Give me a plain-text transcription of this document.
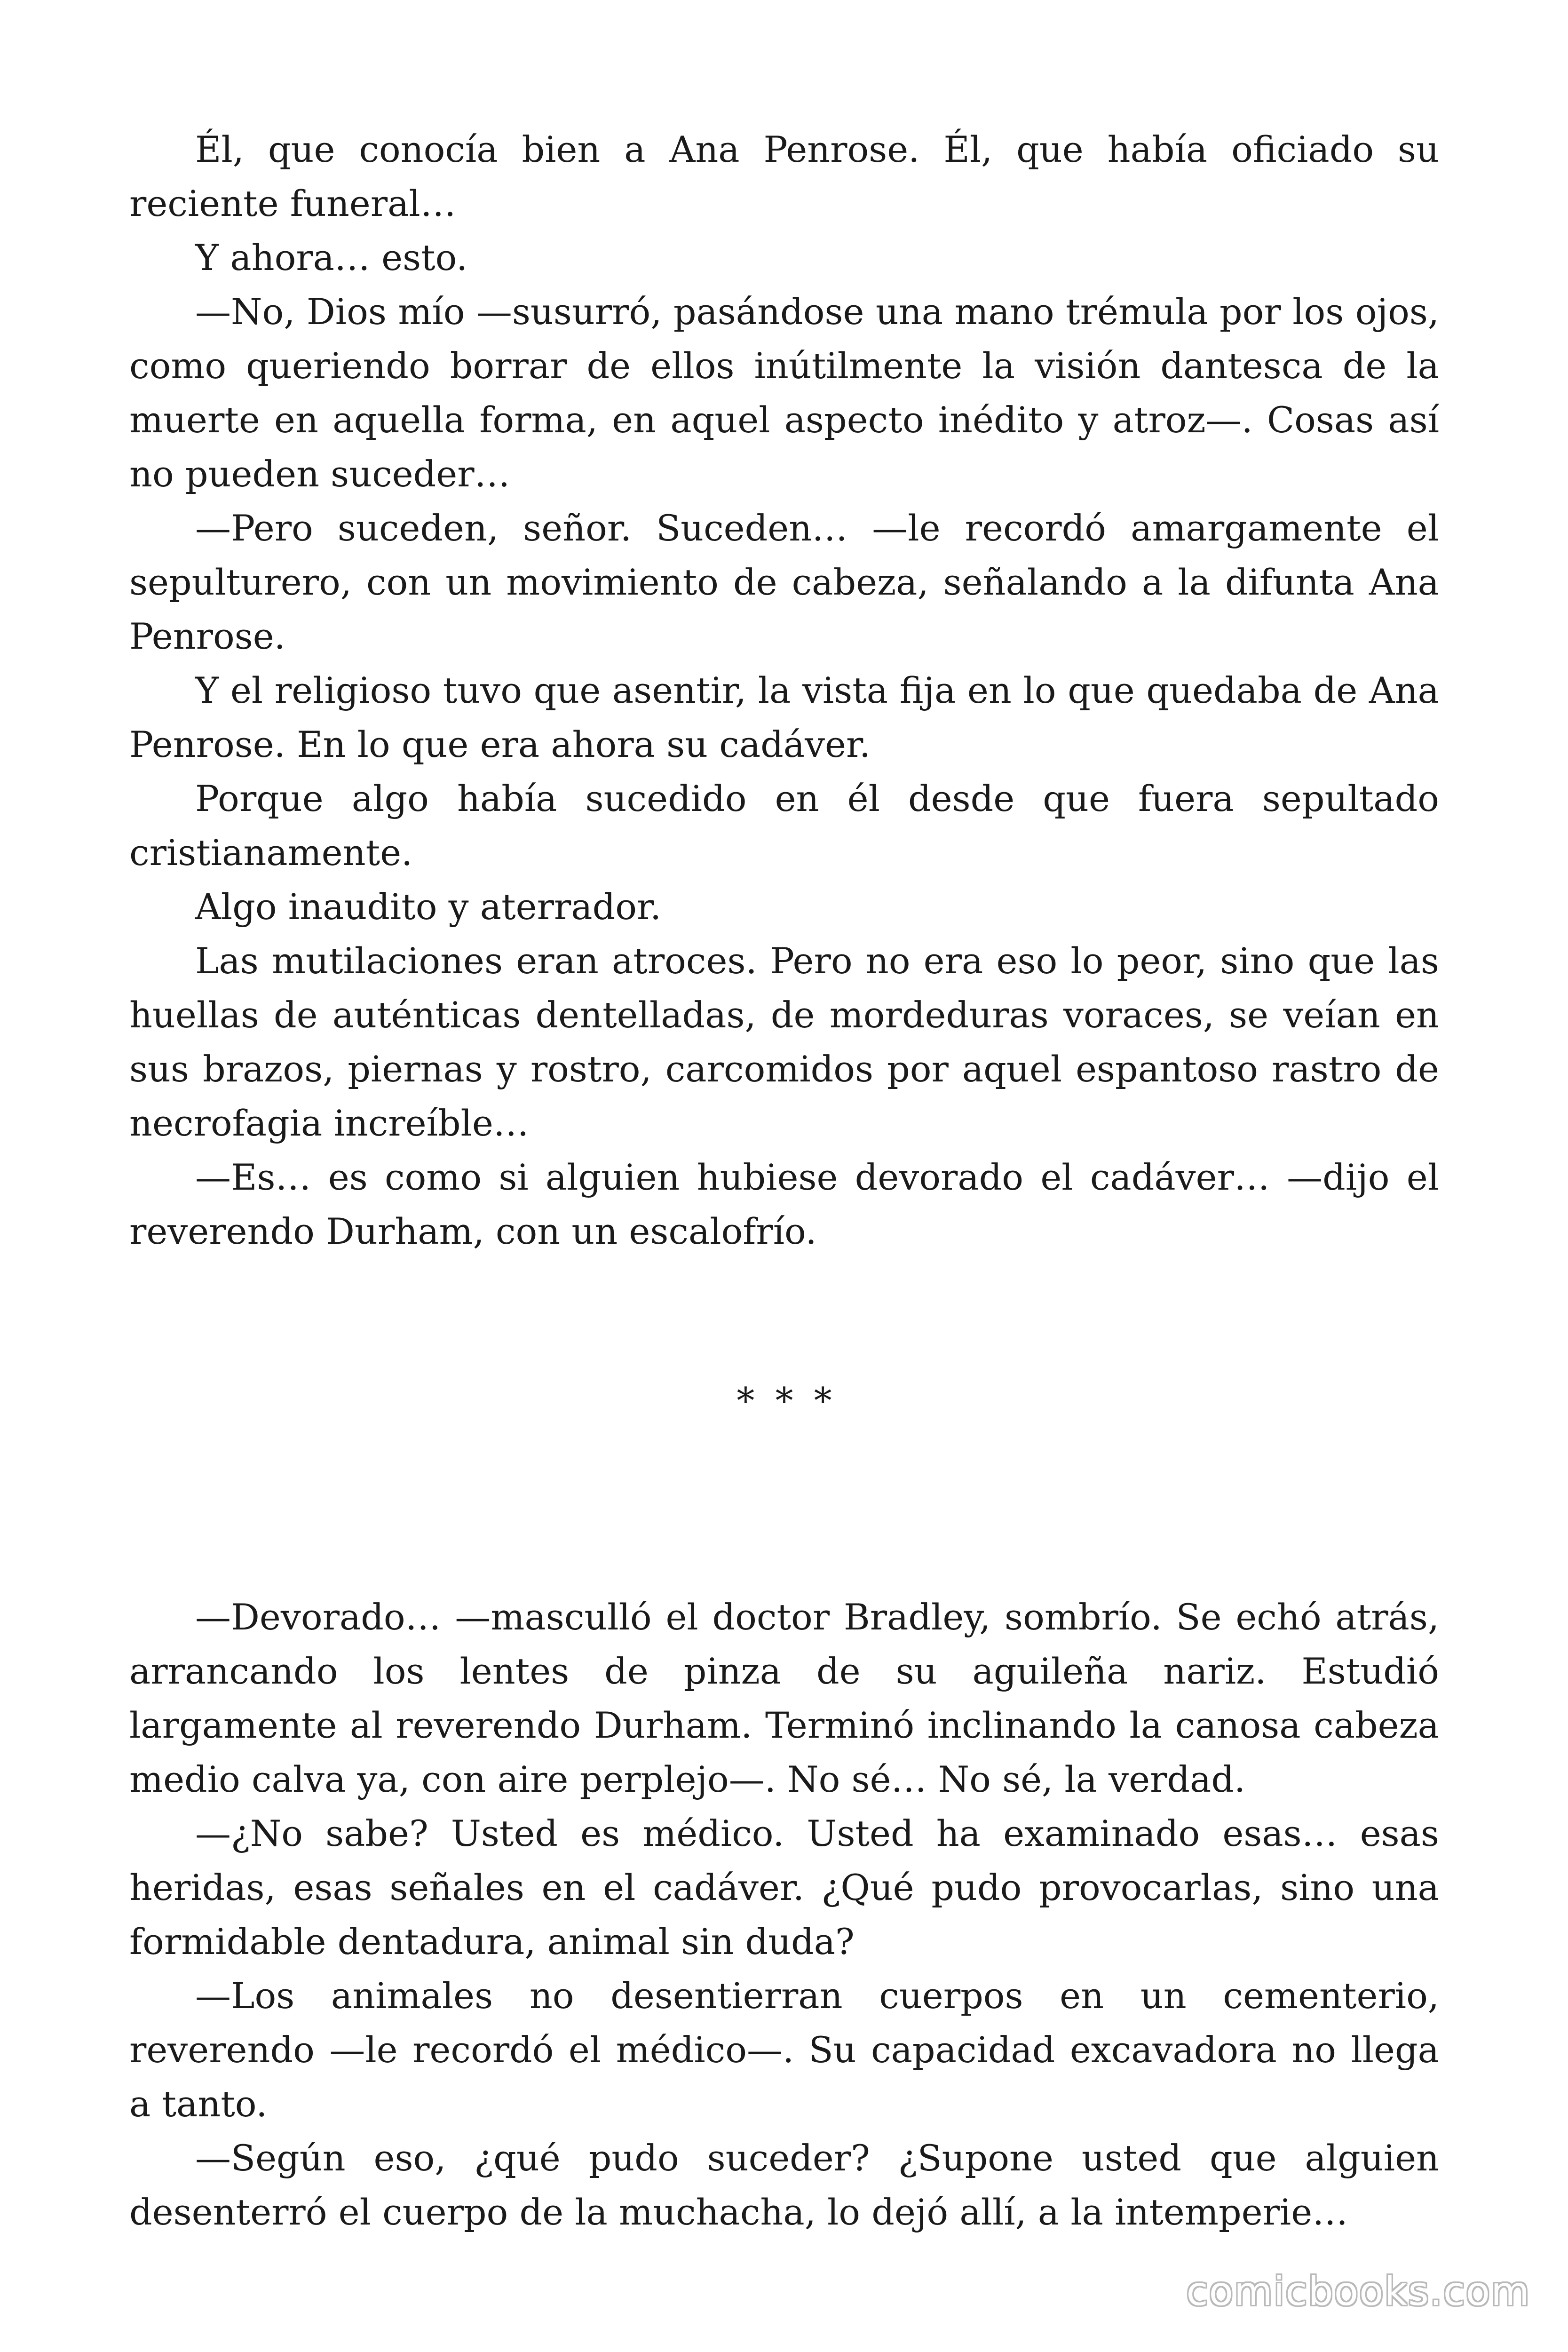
Él, que conocía bien a Ana Penrose. Él, que había oficiado su reciente funeral…

Y ahora… esto.

—No, Dios mío —susurró, pasándose una mano trémula por los ojos, como queriendo borrar de ellos inútilmente la visión dantesca de la muerte en aquella forma, en aquel aspecto inédito y atroz—. Cosas así no pueden suceder…

—Pero suceden, señor. Suceden… —le recordó amargamente el sepulturero, con un movimiento de cabeza, señalando a la difunta Ana Penrose.

Y el religioso tuvo que asentir, la vista fija en lo que quedaba de Ana Penrose. En lo que era ahora su cadáver.

Porque algo había sucedido en él desde que fuera sepultado cristianamente.

Algo inaudito y aterrador.

Las mutilaciones eran atroces. Pero no era eso lo peor, sino que las huellas de auténticas dentelladas, de mordeduras voraces, se veían en sus brazos, piernas y rostro, carcomidos por aquel espantoso rastro de necrofagia increíble…

—Es… es como si alguien hubiese devorado el cadáver… —dijo el reverendo Durham, con un escalofrío.

* * *

—Devorado… —masculló el doctor Bradley, sombrío. Se echó atrás, arrancando los lentes de pinza de su aguileña nariz. Estudió largamente al reverendo Durham. Terminó inclinando la canosa cabeza medio calva ya, con aire perplejo—. No sé… No sé, la verdad.

—¿No sabe? Usted es médico. Usted ha examinado esas… esas heridas, esas señales en el cadáver. ¿Qué pudo provocarlas, sino una formidable dentadura, animal sin duda?

—Los animales no desentierran cuerpos en un cementerio, reverendo —le recordó el médico—. Su capacidad excavadora no llega a tanto.

—Según eso, ¿qué pudo suceder? ¿Supone usted que alguien desenterró el cuerpo de la muchacha, lo dejó allí, a la intemperie…

comicbooks.com
